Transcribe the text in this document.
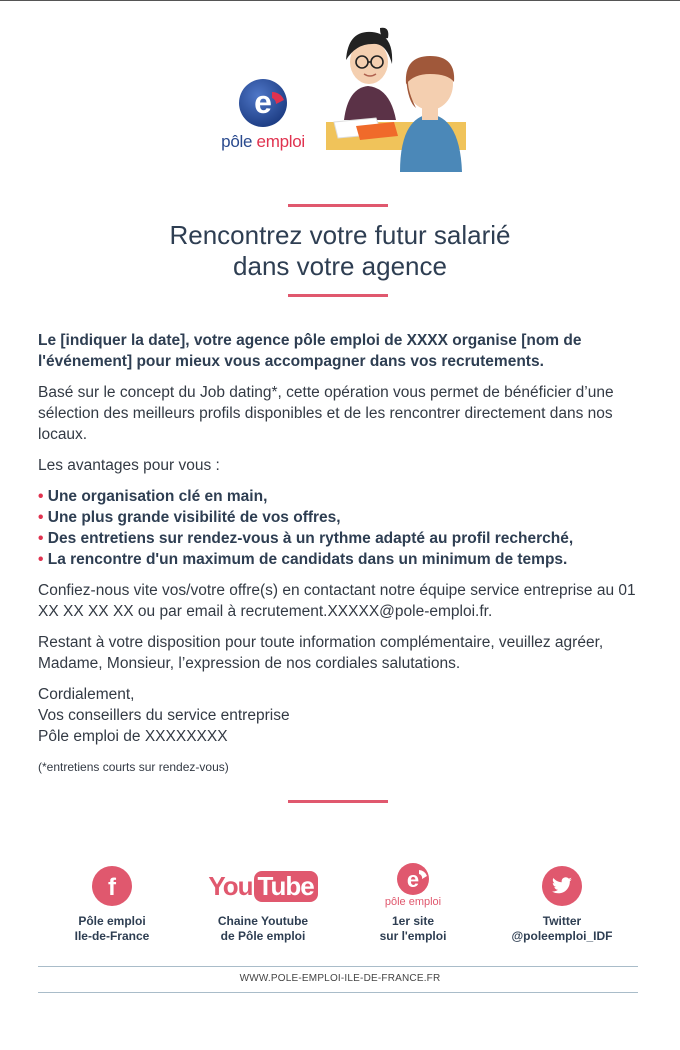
e
pôle emploi
Rencontrez votre futur salarié
dans votre agence

Le [indiquer la date], votre agence pôle emploi de XXXX organise [nom de l'événement] pour mieux vous accompagner dans vos recrutements.

Basé sur le concept du Job dating*, cette opération vous permet de bénéficier d’une sélection des meilleurs profils disponibles et de les rencontrer directement dans nos locaux.

Les avantages pour vous :

• Une organisation clé en main,
• Une plus grande visibilité de vos offres,
• Des entretiens sur rendez-vous à un rythme adapté au profil recherché,
• La rencontre d'un maximum de candidats dans un minimum de temps.

Confiez-nous vite vos/votre offre(s) en contactant notre équipe service entreprise au 01 XX XX XX XX ou par email à recrutement.XXXXX@pole-emploi.fr.

Restant à votre disposition pour toute information complémentaire, veuillez agréer, Madame, Monsieur, l’expression de nos cordiales salutations.

Cordialement,
Vos conseillers du service entreprise
Pôle emploi de XXXXXXXX

(*entretiens courts sur rendez-vous)

f
Pôle emploi
Ile-de-France
You Tube
Chaine Youtube
de Pôle emploi
e
pôle emploi
1er site
sur l'emploi
Twitter
@poleemploi_IDF
WWW.POLE-EMPLOI-ILE-DE-FRANCE.FR
